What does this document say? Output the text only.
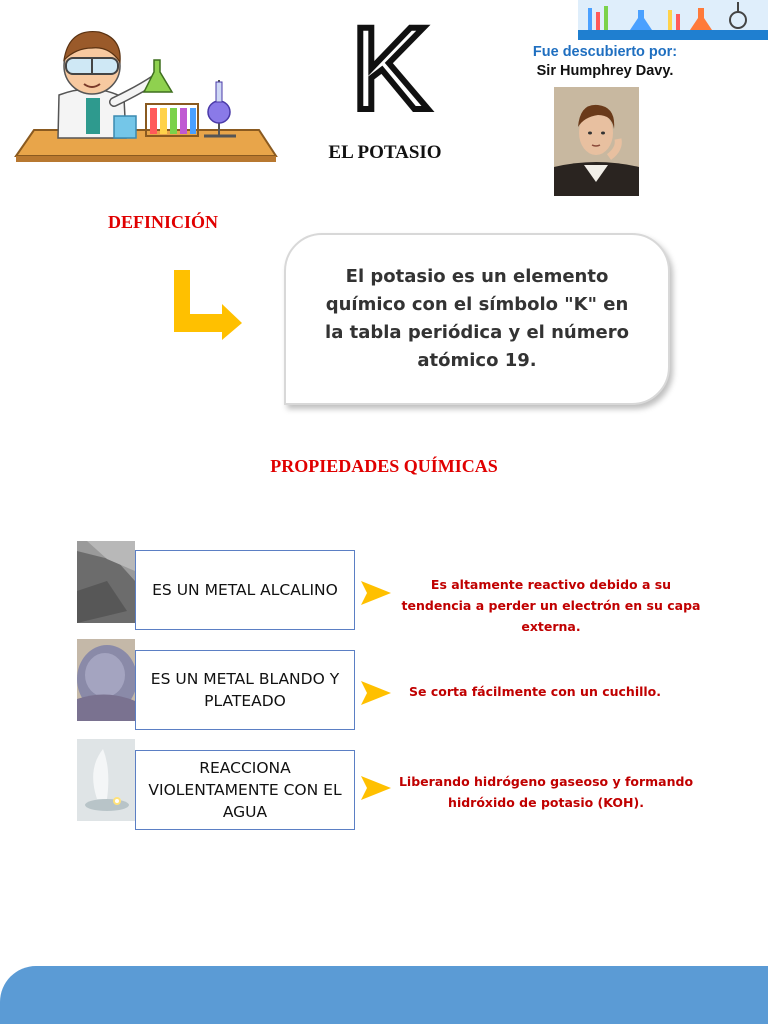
K
EL POTASIO
Fue descubierto por:
Sir Humphrey Davy.
DEFINICIÓN
El potasio es un elemento químico con el símbolo "K" en la tabla periódica y el número atómico 19.
PROPIEDADES QUÍMICAS
ES UN METAL ALCALINO	Es altamente reactivo debido a su tendencia a perder un electrón en su capa externa.
ES UN METAL BLANDO Y PLATEADO
Se corta fácilmente con un cuchillo.
REACCIONA VIOLENTAMENTE CON EL AGUA
Liberando hidrógeno gaseoso y formando hidróxido de potasio (KOH).
